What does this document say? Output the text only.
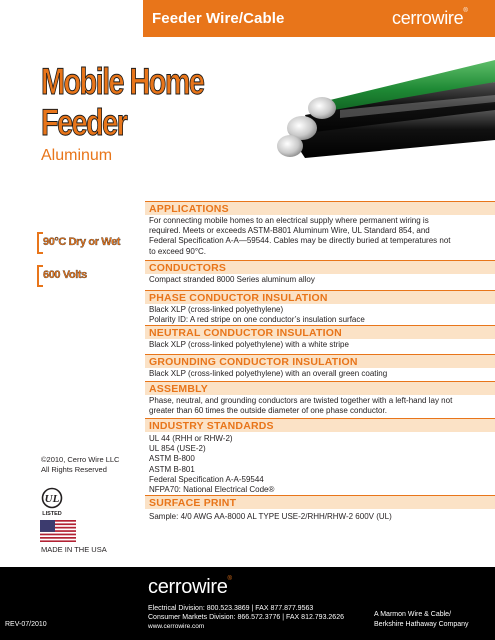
Feeder Wire/Cable	cerrowire®
Mobile Home
Feeder
Aluminum
90°C Dry or Wet
600 Volts
APPLICATIONS
For connecting mobile homes to an electrical supply where permanent wiring is
required. Meets or exceeds ASTM-B801 Aluminum Wire, UL Standard 854, and
Federal Specification A-A—59544. Cables may be directly buried at temperatures not
to exceed 90°C.
CONDUCTORS
Compact stranded 8000 Series aluminum alloy
PHASE CONDUCTOR INSULATION
Black XLP (cross-linked polyethylene)
Polarity ID: A red stripe on one conductor’s insulation surface
NEUTRAL CONDUCTOR INSULATION
Black XLP (cross-linked polyethylene) with a white stripe
GROUNDING CONDUCTOR INSULATION
Black XLP (cross-linked polyethylene) with an overall green coating
ASSEMBLY
Phase, neutral, and grounding conductors are twisted together with a left-hand lay not
greater than 60 times the outside diameter of one phase conductor.
INDUSTRY STANDARDS
UL 44 (RHH or RHW-2)
UL 854 (USE-2)
ASTM B-800
ASTM B-801
Federal Specification A-A-59544
NFPA70: National Electrical Code®
SURFACE PRINT
Sample: 4/0 AWG AA-8000 AL TYPE USE-2/RHH/RHW-2 600V (UL)
©2010, Cerro Wire LLC
All Rights Reserved
UL
LISTED
MADE IN THE USA
cerrowire®
Electrical Division: 800.523.3869 | FAX 877.877.9563
Consumer Markets Division: 866.572.3776 | FAX 812.793.2626
www.cerrowire.com
A Marmon Wire & Cable/
Berkshire Hathaway Company
REV-07/2010
